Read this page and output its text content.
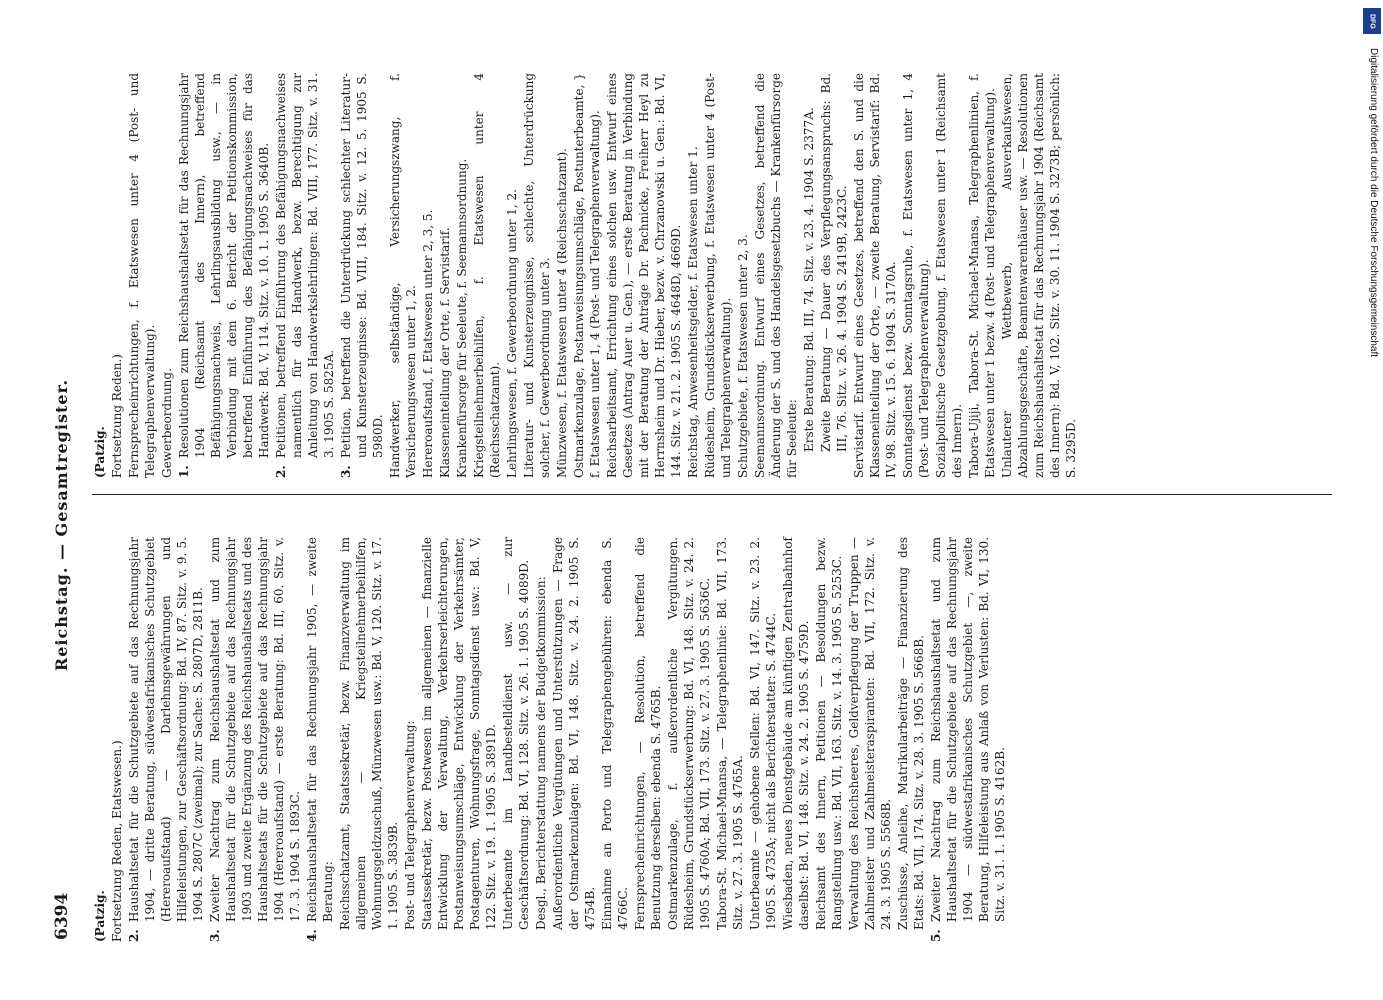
6394
Reichstag. — Gesamtregister.
(Patzig. Fortsetzung Reden, Etatswesen.) 2.
Haushaltsetat für die Schutzgebiete auf das Rechnungsjahr 1904, — dritte Beratung, südwestafrikanisches Schutzgebiet (Hereroaufstand) — Darlehnsgewährungen und Hilfeleistungen, zur Geschäftsordnung: Bd. IV, 87. Sitz. v. 9. 5. 1904 S. 2807C (zweimal); zur Sache: S. 2807D, 2811B.

3.
Zweiter Nachtrag zum Reichshaushaltsetat und zum Haushaltsetat für die Schutzgebiete auf das Rechnungsjahr 1903 und zweite Ergänzung des Reichshaushaltsetats und des Haushaltsetats für die Schutzgebiete auf das Rechnungsjahr 1904 (Hereroaufstand) — erste Beratung: Bd. III, 60. Sitz. v. 17. 3. 1904 S. 1893C.

4.
Reichshaushaltsetat für das Rechnungsjahr 1905, — zweite Beratung: Reichsschatzamt, Staatssekretär, bezw. Finanzverwaltung im allgemeinen — Kriegsteilnehmerbeihilfen, Wohnungsgeldzuschuß, Münzwesen usw.: Bd. V, 120. Sitz. v. 17. 1. 1905 S. 3839B. Post- und Telegraphenverwaltung: Staatssekretär, bezw. Postwesen im allgemeinen — finanzielle Entwicklung der Verwaltung, Verkehrserleichterungen, Postanweisungsumschläge, Entwicklung der Verkehrsämter, Postagenturen, Wohnungsfrage, Sonntagsdienst usw.: Bd. V, 122. Sitz. v. 19. 1. 1905 S. 3891D. Unterbeamte im Landbestelldienst usw. — zur Geschäftsordnung: Bd. VI, 128. Sitz. v. 26. 1. 1905 S. 4089D. Desgl., Berichterstattung namens der Budgetkommission: Außerordentliche Vergütungen und Unterstützungen — Frage der Ostmarkenzulagen: Bd. VI, 148. Sitz. v. 24. 2. 1905 S. 4754B. Einnahme an Porto und Telegraphengebühren: ebenda S. 4766C. Fernsprecheinrichtungen, — Resolution, betreffend die Benutzung derselben: ebenda S. 4765B. Ostmarkenzulage, f. außerordentliche Vergütungen. Rüdesheim, Grundstückserwerbung: Bd. VI, 148. Sitz. v. 24. 2. 1905 S. 4760A; Bd. VII, 173. Sitz. v. 27. 3. 1905 S. 5636C. Tabora-St. Michael-Mnansa, — Telegraphenlinie: Bd. VII, 173. Sitz. v. 27. 3. 1905 S. 4765A. Unterbeamte — gehobene Stellen: Bd. VI, 147. Sitz. v. 23. 2. 1905 S. 4735A; nicht als Berichterstatter: S. 4744C. Wiesbaden, neues Dienstgebäude am künftigen Zentralbahnhof daselbst: Bd. VI, 148. Sitz. v. 24. 2. 1905 S. 4759D. Reichsamt des Innern, Petitionen — Besoldungen bezw. Rangstellung usw.: Bd. VII, 163. Sitz. v. 14. 3. 1905 S. 5253C. Verwaltung des Reichsheeres, Geldverpflegung der Truppen — Zahlmeister und Zahlmeisteraspiranten: Bd. VII, 172. Sitz. v. 24. 3. 1905 S. 5568B. Zuschüsse, Anleihe, Matrikularbeiträge — Finanzierung des Etats: Bd. VII, 174. Sitz. v. 28. 3. 1905 S. 5668B.

5.
Zweiter Nachtrag zum Reichshaushaltsetat und zum Haushaltsetat für die Schutzgebiete auf das Rechnungsjahr 1904 — südwestafrikanisches Schutzgebiet —, zweite Beratung, Hilfeleistung aus Anlaß von Verlusten: Bd. VI, 130. Sitz. v. 31. 1. 1905 S. 4162B.

(Patzig. Fortsetzung Reden.) Fernsprecheinrichtungen, f. Etatswesen unter 4 (Post- und Telegraphenverwaltung). Gewerbeordnung. 1.
Resolutionen zum Reichshaushaltsetat für das Rechnungsjahr 1904 (Reichsamt des Innern), betreffend Befähigungsnachweis, Lehrlingsausbildung usw., — in Verbindung mit dem 6. Bericht der Petitionskommission, betreffend Einführung des Befähigungsnachweises für das Handwerk: Bd. V, 114. Sitz. v. 10. 1. 1905 S. 3640B.

2.
Petitionen, betreffend Einführung des Befähigungsnachweises namentlich für das Handwerk, bezw. Berechtigung zur Anleitung von Handwerkslehrlingen: Bd. VIII, 177. Sitz. v. 31. 3. 1905 S. 5825A.

3.
Petition, betreffend die Unterdrückung schlechter Literatur- und Kunsterzeugnisse: Bd. VIII, 184. Sitz. v. 12. 5. 1905 S. 5980D. Handwerker, selbständige, Versicherungszwang, f. Versicherungswesen unter 1, 2. Hereroaufstand, f. Etatswesen unter 2, 3, 5. Klasseneinteilung der Orte, f. Servistarif. Krankenfürsorge für Seeleute, f. Seemannsordnung. Kriegsteilnehmerbeihilfen, f. Etatswesen unter 4 (Reichsschatzamt). Lehrlingswesen, f. Gewerbeordnung unter 1, 2. Literatur- und Kunsterzeugnisse, schlechte, Unterdrückung solcher, f. Gewerbeordnung unter 3. Münzwesen, f. Etatswesen unter 4 (Reichsschatzamt). Ostmarkenzulage, Postanweisungsumschläge, Postunterbeamte, } f. Etatswesen unter 1, 4 (Post- und Telegraphenverwaltung). Reichsarbeitsamt, Errichtung eines solchen usw. Entwurf eines Gesetzes (Antrag Auer u. Gen.), — erste Beratung in Verbindung mit der Beratung der Anträge Dr. Pachnicke, Freiherr Heyl zu Herrnsheim und Dr. Hieber, bezw. v. Chrzanowski u. Gen.: Bd. VI, 144. Sitz. v. 21. 2. 1905 S. 4648D, 4669D. Reichstag, Anwesenheitsgelder, f. Etatswesen unter 1. Rüdesheim, Grundstückserwerbung, f. Etatswesen unter 4 (Post- und Telegraphenverwaltung). Schutzgebiete, f. Etatswesen unter 2, 3. Seemannsordnung. Entwurf eines Gesetzes, betreffend die Änderung der S. und des Handelsgesetzbuchs — Krankenfürsorge für Seeleute: Erste Beratung: Bd. III, 74. Sitz. v. 23. 4. 1904 S. 2377A. Zweite Beratung — Dauer des Verpflegungsanspruchs: Bd. III, 76. Sitz. v. 26. 4. 1904 S. 2419B, 2423C. Servistarif. Entwurf eines Gesetzes, betreffend den S. und die Klasseneinteilung der Orte, — zweite Beratung, Servistarif: Bd. IV, 98. Sitz. v. 15. 6. 1904 S. 3170A. Sonntagsdienst bezw. Sonntagsruhe, f. Etatswesen unter 1, 4 (Post- und Telegraphenverwaltung). Sozialpolitische Gesetzgebung, f. Etatswesen unter 1 (Reichsamt des Innern). Tabora-Ujiji, Tabora-St. Michael-Mnansa, Telegraphenlinien, f. Etatswesen unter 1 bezw. 4 (Post- und Telegraphenverwaltung). Unlauterer Wettbewerb, Ausverkaufswesen, Abzahlungsgeschäfte, Beamtenwarenhäuser usw. — Resolutionen zum Reichshaushaltsetat für das Rechnungsjahr 1904 (Reichsamt des Innern): Bd. V, 102. Sitz. v. 30. 11. 1904 S. 3273B; persönlich: S. 3295D.

Digitalisierung gefördert durch die Deutsche Forschungsgemeinschaft
DFG
